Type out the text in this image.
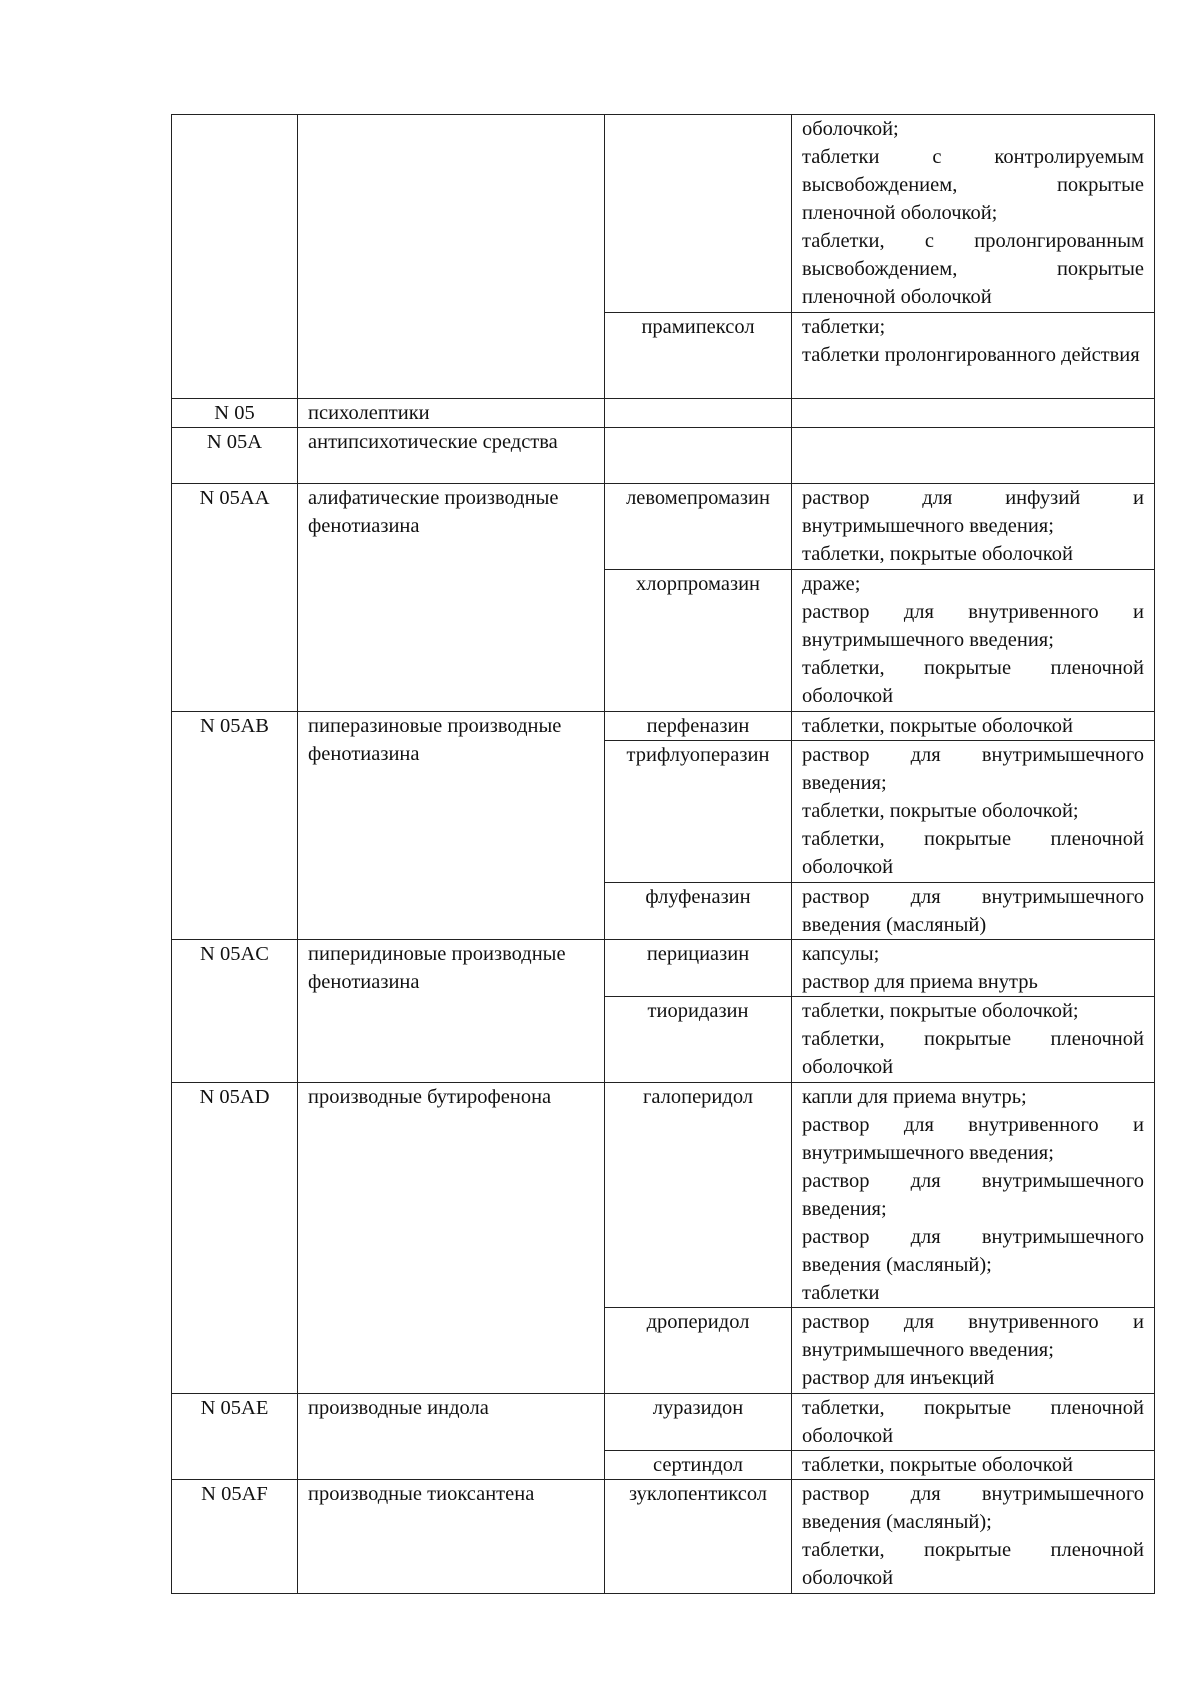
			оболочкой;
таблетки с контролируемым высвобождением, покрытые пленочной оболочкой;
таблетки, с пролонгированным высвобождением, покрытые пленочной оболочкой

		прамипексол	таблетки;
таблетки пролонгированного действия

N 05	психолептики		
N 05A	антипсихотические средства		
N 05AA	алифатические производные фенотиазина	левомепромазин	раствор для инфузий и внутримышечного введения;
таблетки, покрытые оболочкой

		хлорпромазин	драже;
раствор для внутривенного и внутримышечного введения;
таблетки, покрытые пленочной оболочкой

N 05AB	пиперазиновые производные фенотиазина	перфеназин	таблетки, покрытые оболочкой

		трифлуоперазин	раствор для внутримышечного введения;
таблетки, покрытые оболочкой;
таблетки, покрытые пленочной оболочкой

		флуфеназин	раствор для внутримышечного введения (масляный)

N 05AC	пиперидиновые производные фенотиазина	перициазин	капсулы;
раствор для приема внутрь

		тиоридазин	таблетки, покрытые оболочкой;
таблетки, покрытые пленочной оболочкой

N 05AD	производные бутирофенона	галоперидол	капли для приема внутрь;
раствор для внутривенного и внутримышечного введения;
раствор для внутримышечного введения;
раствор для внутримышечного введения (масляный);
таблетки

		дроперидол	раствор для внутривенного и внутримышечного введения;
раствор для инъекций

N 05AE	производные индола	луразидон	таблетки, покрытые пленочной оболочкой

		сертиндол	таблетки, покрытые оболочкой

N 05AF	производные тиоксантена	зуклопентиксол	раствор для внутримышечного введения (масляный);
таблетки, покрытые пленочной оболочкой
